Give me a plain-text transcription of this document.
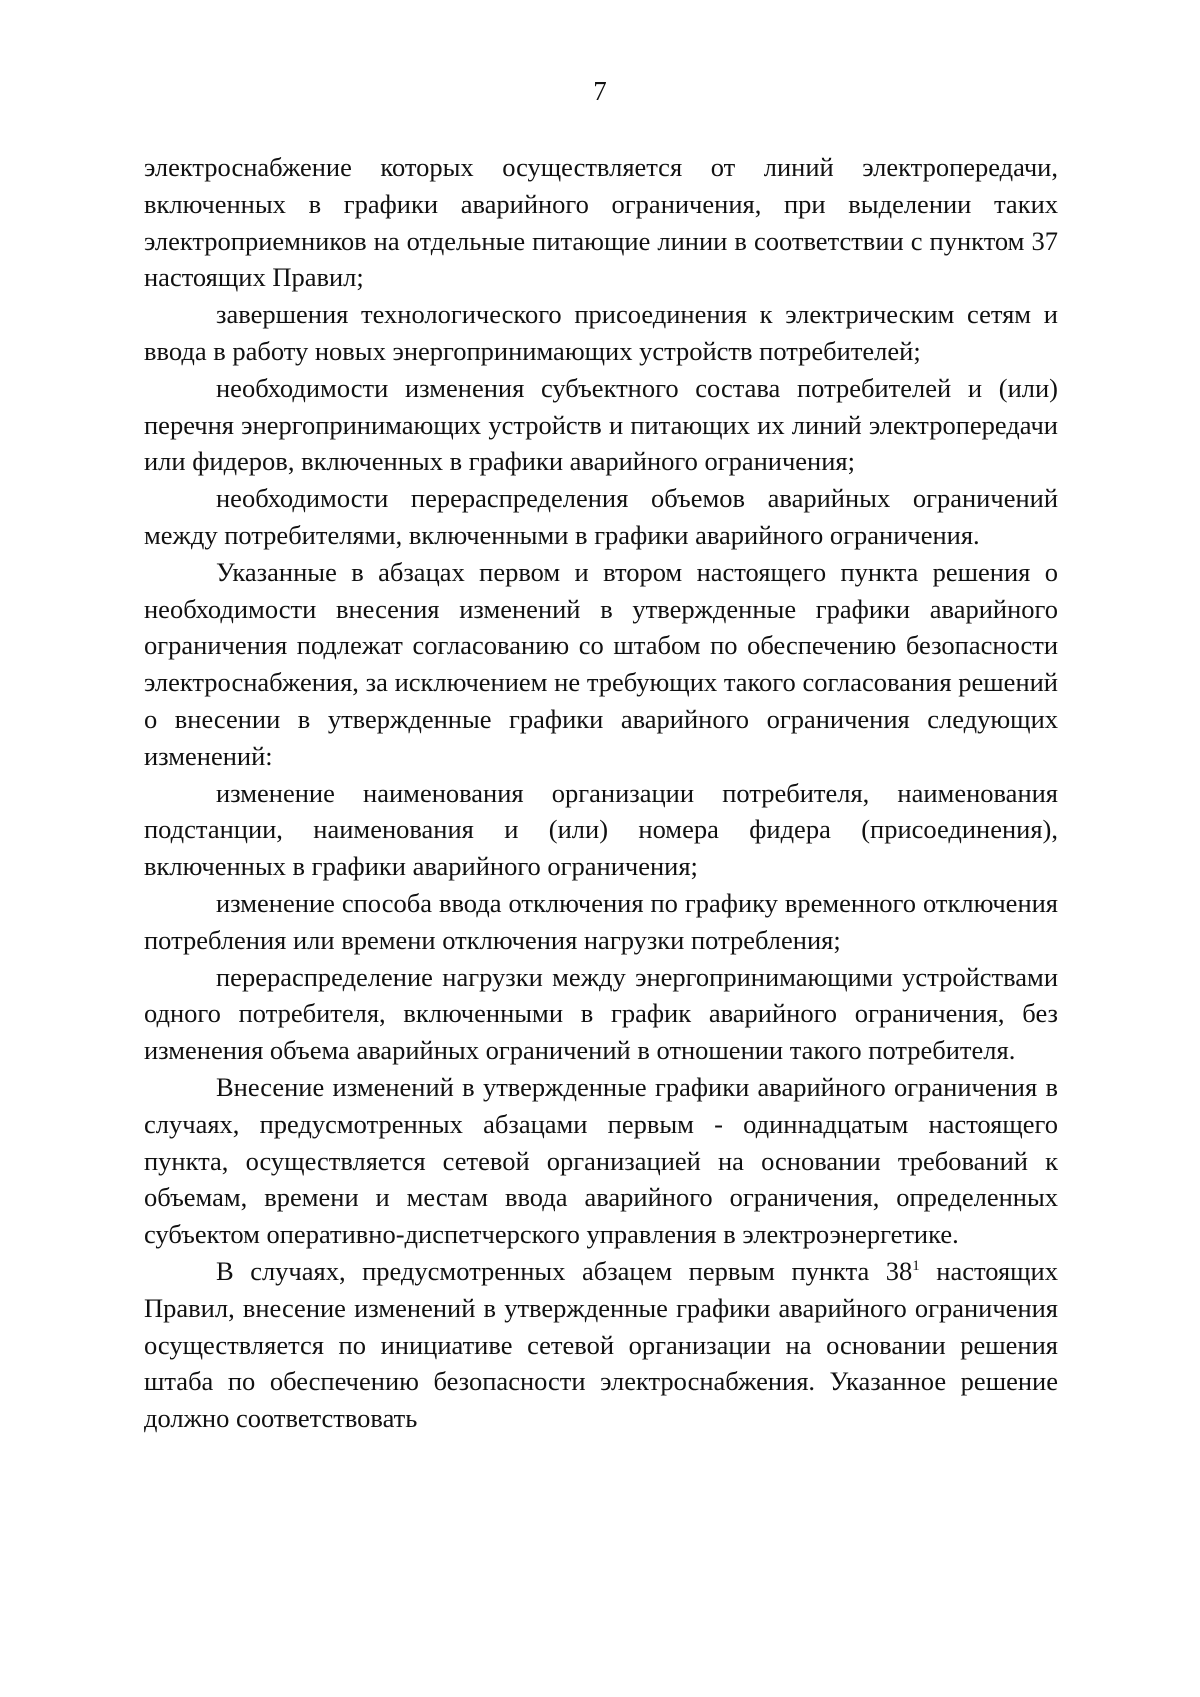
7

электроснабжение которых осуществляется от линий электропередачи, включенных в графики аварийного ограничения, при выделении таких электроприемников на отдельные питающие линии в соответствии с пунктом 37 настоящих Правил;

завершения технологического присоединения к электрическим сетям и ввода в работу новых энергопринимающих устройств потребителей;

необходимости изменения субъектного состава потребителей и (или) перечня энергопринимающих устройств и питающих их линий электропередачи или фидеров, включенных в графики аварийного ограничения;

необходимости перераспределения объемов аварийных ограничений между потребителями, включенными в графики аварийного ограничения.

Указанные в абзацах первом и втором настоящего пункта решения о необходимости внесения изменений в утвержденные графики аварийного ограничения подлежат согласованию со штабом по обеспечению безопасности электроснабжения, за исключением не требующих такого согласования решений о внесении в утвержденные графики аварийного ограничения следующих изменений:

изменение наименования организации потребителя, наименования подстанции, наименования и (или) номера фидера (присоединения), включенных в графики аварийного ограничения;

изменение способа ввода отключения по графику временного отключения потребления или времени отключения нагрузки потребления;

перераспределение нагрузки между энергопринимающими устройствами одного потребителя, включенными в график аварийного ограничения, без изменения объема аварийных ограничений в отношении такого потребителя.

Внесение изменений в утвержденные графики аварийного ограничения в случаях, предусмотренных абзацами первым - одиннадцатым настоящего пункта, осуществляется сетевой организацией на основании требований к объемам, времени и местам ввода аварийного ограничения, определенных субъектом оперативно-диспетчерского управления в электроэнергетике.

В случаях, предусмотренных абзацем первым пункта $38^1$ настоящих Правил, внесение изменений в утвержденные графики аварийного ограничения осуществляется по инициативе сетевой организации на основании решения штаба по обеспечению безопасности электроснабжения. Указанное решение должно соответствовать
